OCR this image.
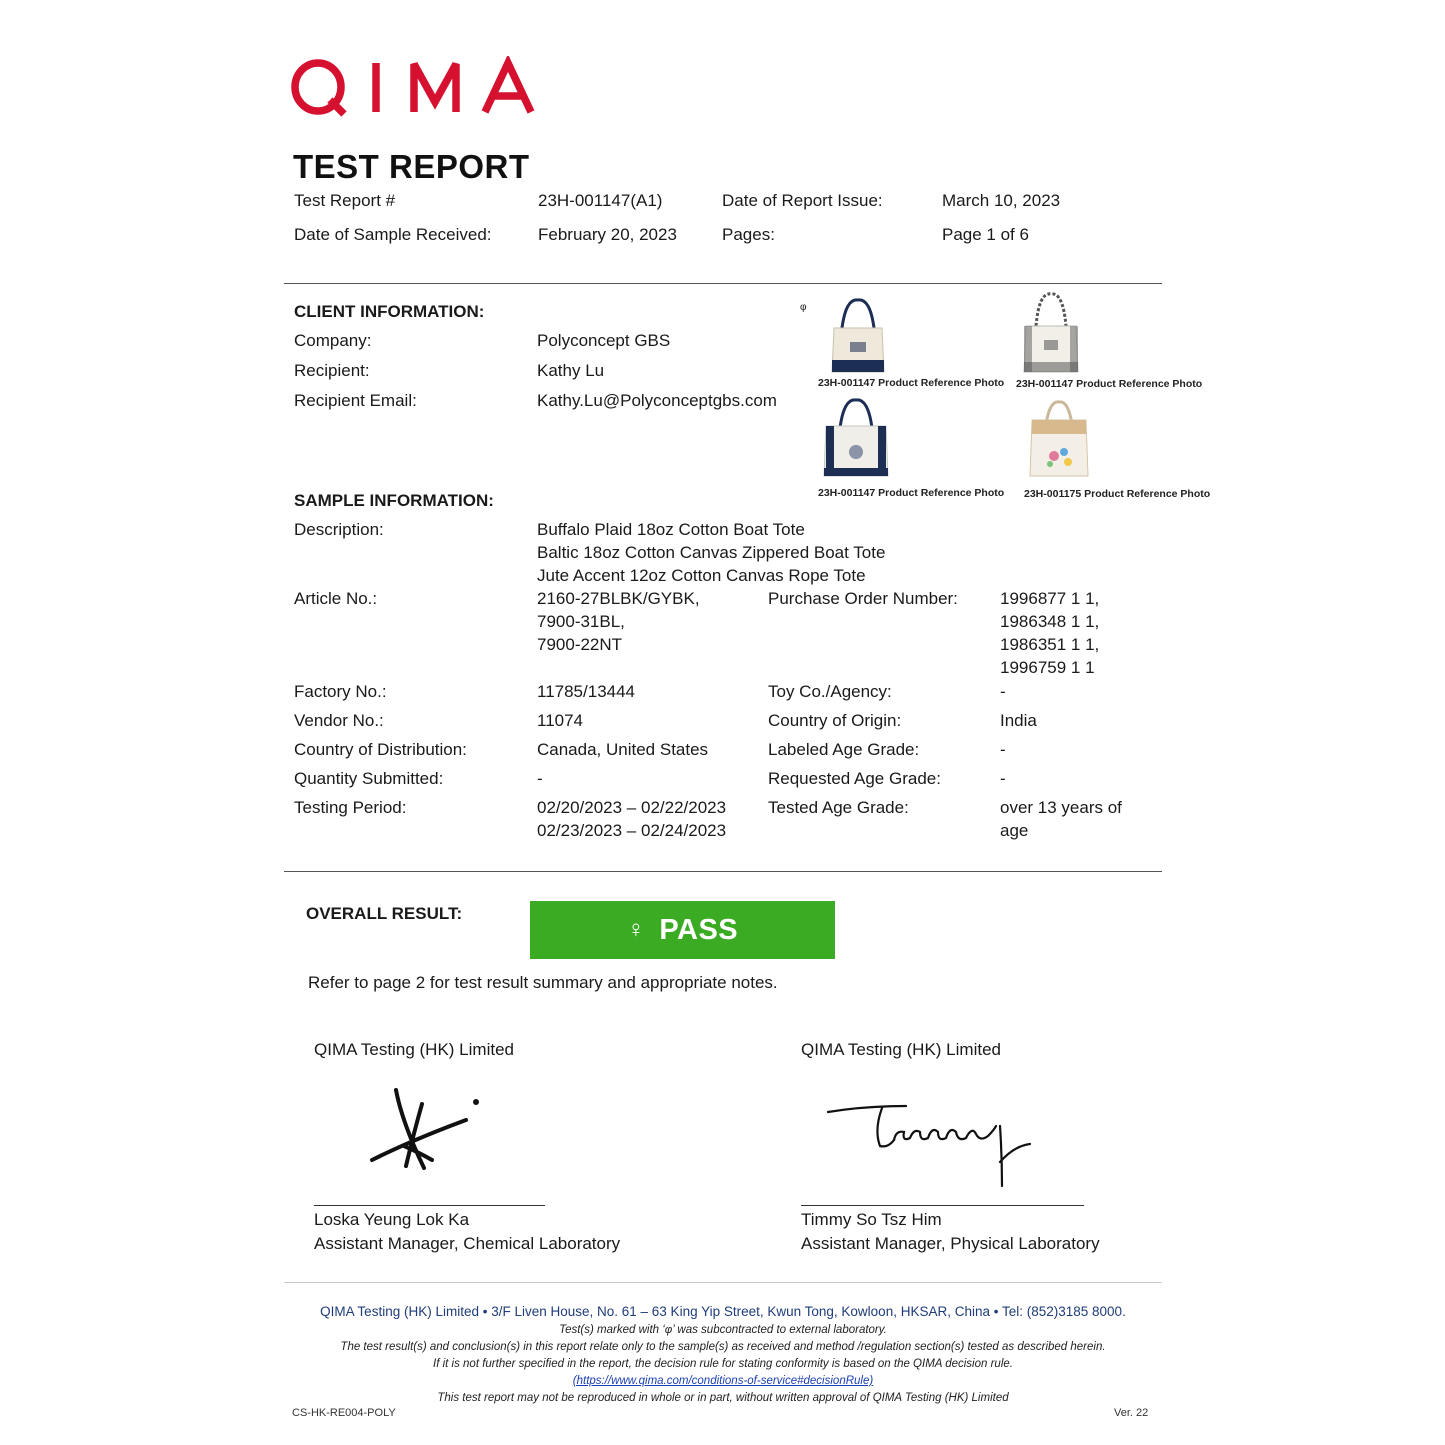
TEST REPORT
Test Report #	23H-001147(A1)	Date of Report Issue:	March 10, 2023
Date of Sample Received:	February 20, 2023	Pages:	Page 1 of 6
CLIENT INFORMATION:
Company:	Polyconcept GBS
Recipient:	Kathy Lu
Recipient Email:	Kathy.Lu@Polyconceptgbs.com
φ
23H-001147 Product Reference Photo 23H-001147 Product Reference Photo
23H-001147 Product Reference Photo 23H-001175 Product Reference Photo
SAMPLE INFORMATION:
Description:	Buffalo Plaid 18oz Cotton Boat Tote
Baltic 18oz Cotton Canvas Zippered Boat Tote
Jute Accent 12oz Cotton Canvas Rope Tote
Article No.:	2160-27BLBK/GYBK,
7900-31BL,
7900-22NT
Purchase Order Number: 1996877 1 1,
1986348 1 1,
1986351 1 1,
1996759 1 1
Factory No.:	11785/13444	Toy Co./Agency:	-
Vendor No.:	11074	Country of Origin:	India
Country of Distribution:	Canada, United States	Labeled Age Grade:	-
Quantity Submitted:	-	Requested Age Grade:	-
Testing Period:	02/20/2023 – 02/22/2023
02/23/2023 – 02/24/2023
Tested Age Grade:	over 13 years of
age
OVERALL RESULT:
♀ PASS
Refer to page 2 for test result summary and appropriate notes.
QIMA Testing (HK) Limited	QIMA Testing (HK) Limited
Loska Yeung Lok Ka
Assistant Manager, Chemical Laboratory
Timmy So Tsz Him
Assistant Manager, Physical Laboratory
QIMA Testing (HK) Limited • 3/F Liven House, No. 61 – 63 King Yip Street, Kwun Tong, Kowloon, HKSAR, China • Tel: (852)3185 8000.
Test(s) marked with ‘φ’ was subcontracted to external laboratory.
The test result(s) and conclusion(s) in this report relate only to the sample(s) as received and method /regulation section(s) tested as described herein.
If it is not further specified in the report, the decision rule for stating conformity is based on the QIMA decision rule.
(https://www.qima.com/conditions-of-service#decisionRule)
This test report may not be reproduced in whole or in part, without written approval of QIMA Testing (HK) Limited
CS-HK-RE004-POLY	Ver. 22
